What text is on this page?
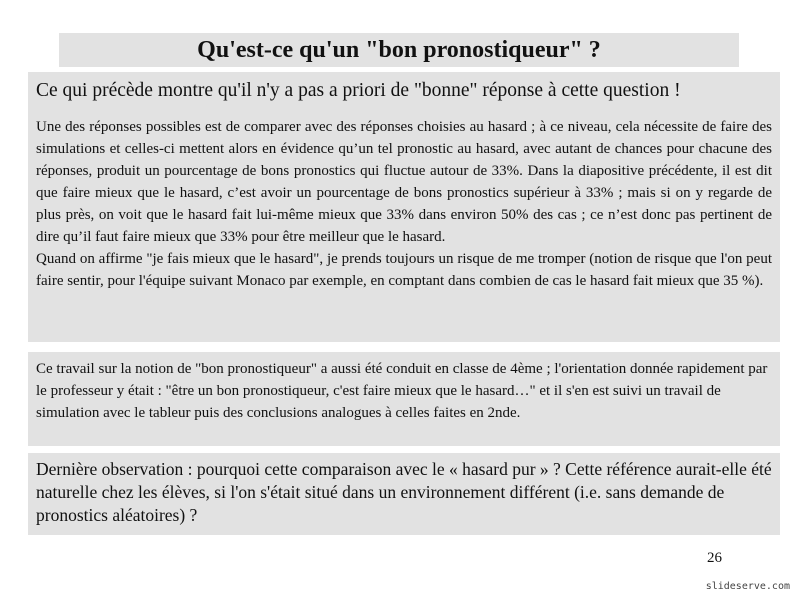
Qu'est-ce qu'un "bon pronostiqueur" ?

Ce qui précède montre qu'il n'y a pas a priori de "bonne" réponse à cette question !

Une des réponses possibles est de comparer avec des réponses choisies au hasard ; à ce niveau, cela nécessite de faire des simulations et celles-ci mettent alors en évidence qu’un tel pronostic au hasard, avec autant de chances pour chacune des réponses, produit un pourcentage de bons pronostics qui fluctue autour de 33%. Dans la diapositive précédente, il est dit que faire mieux que le hasard, c’est avoir un pourcentage de bons pronostics supérieur à 33% ; mais si on y regarde de plus près, on voit que le hasard fait lui-même mieux que 33% dans environ 50% des cas ; ce n’est donc pas pertinent de dire qu’il faut faire mieux que 33% pour être meilleur que le hasard.

Quand on affirme "je fais mieux que le hasard", je prends toujours un risque de me tromper (notion de risque que l'on peut faire sentir, pour l'équipe suivant Monaco par exemple, en comptant dans combien de cas le hasard fait mieux que 35 %).

Ce travail sur la notion de "bon pronostiqueur" a aussi été conduit en classe de 4ème ; l'orientation donnée rapidement par le professeur y était : "être un bon pronostiqueur, c'est faire mieux que le hasard…" et il s'en est suivi un travail de simulation avec le tableur puis des conclusions analogues à celles faites en 2nde.
Dernière observation : pourquoi cette comparaison avec le « hasard pur » ? Cette référence aurait-elle été naturelle chez les élèves, si l'on s'était situé dans un environnement différent (i.e. sans demande de pronostics aléatoires) ?
26
slideserve.com
